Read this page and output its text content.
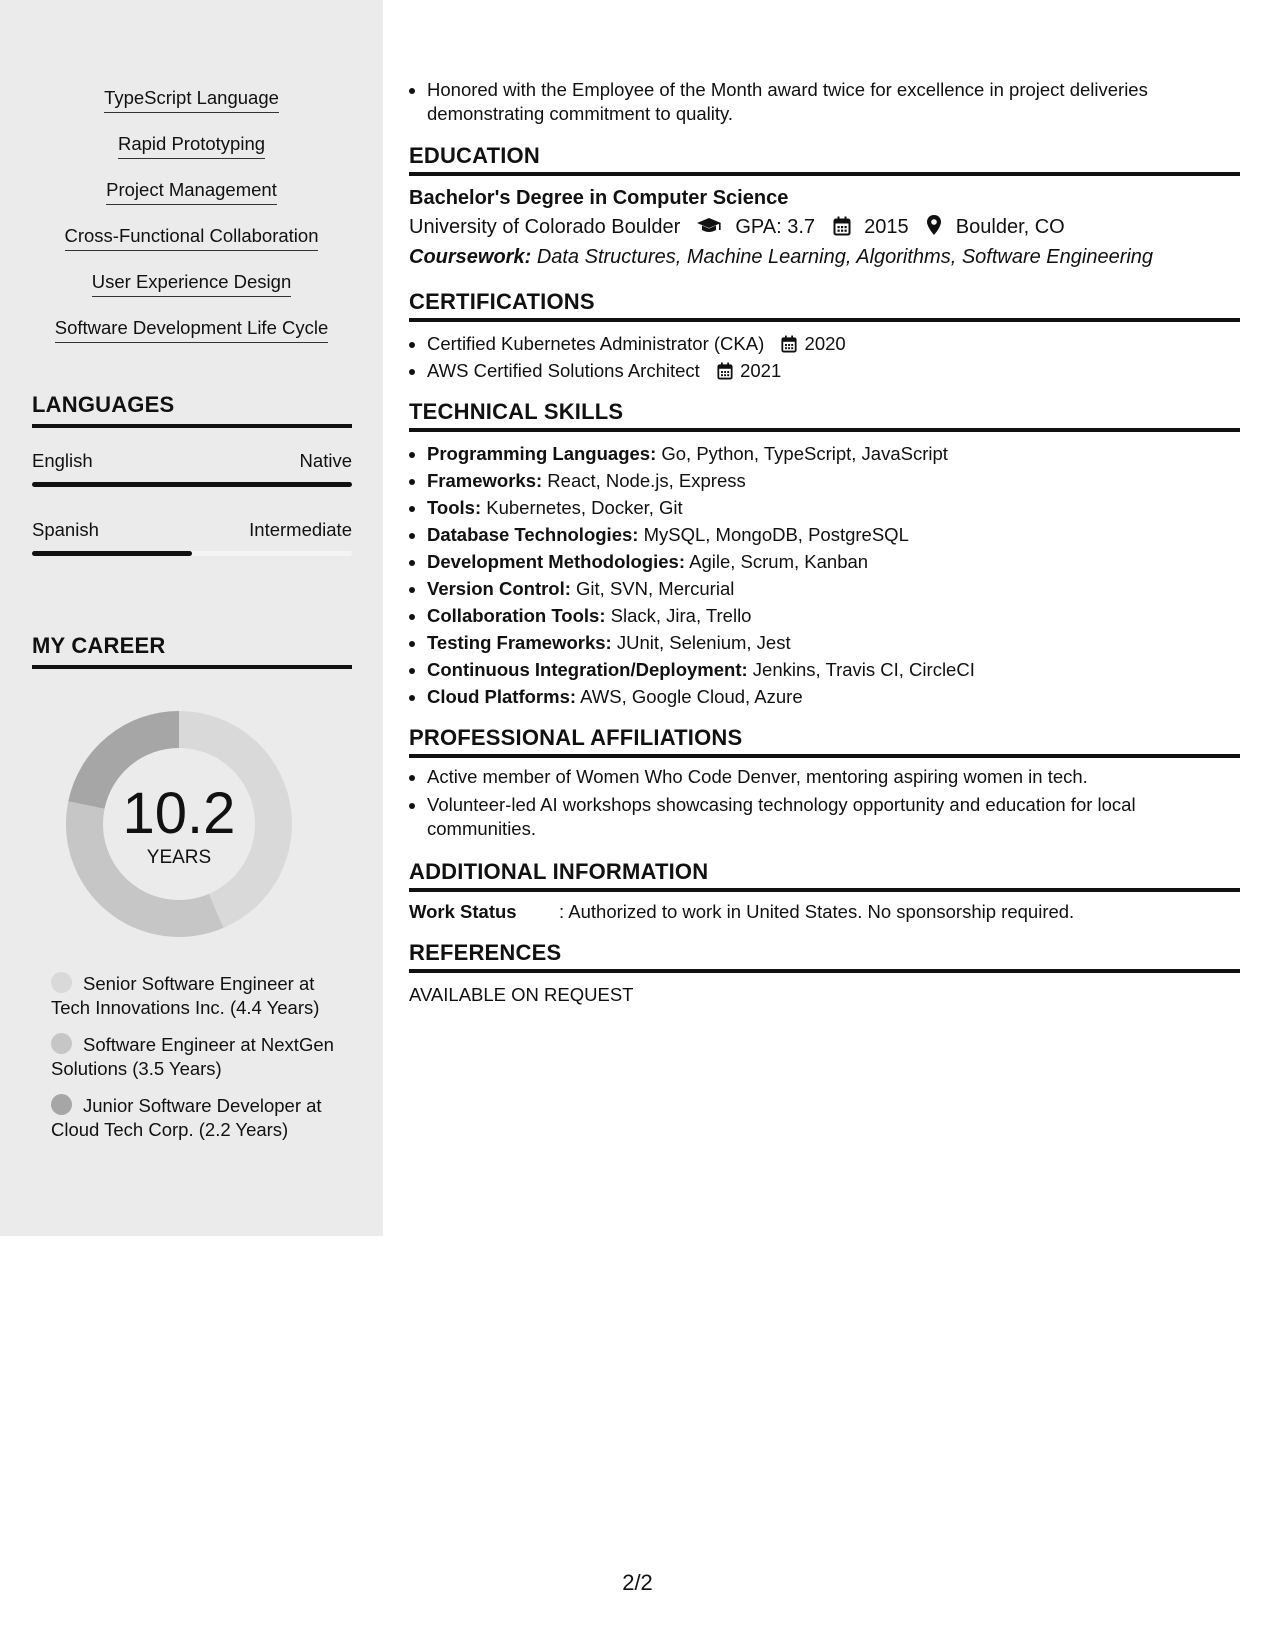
TypeScript Language
Rapid Prototyping
Project Management
Cross-Functional Collaboration
User Experience Design
Software Development Life Cycle
LANGUAGES
English	Native
Spanish	Intermediate
MY CAREER
10.2
YEARS
Senior Software Engineer at Tech Innovations Inc. (4.4 Years)
Software Engineer at NextGen Solutions (3.5 Years)
Junior Software Developer at Cloud Tech Corp. (2.2 Years)
• Honored with the Employee of the Month award twice for excellence in project deliveries demonstrating commitment to quality.
EDUCATION
Bachelor's Degree in Computer Science
University of Colorado Boulder	GPA: 3.7 2015 Boulder, CO
Coursework: Data Structures, Machine Learning, Algorithms, Software Engineering
CERTIFICATIONS
• Certified Kubernetes Administrator (CKA) 2020
• AWS Certified Solutions Architect 2021
TECHNICAL SKILLS
• Programming Languages: Go, Python, TypeScript, JavaScript
• Frameworks: React, Node.js, Express
• Tools: Kubernetes, Docker, Git
• Database Technologies: MySQL, MongoDB, PostgreSQL
• Development Methodologies: Agile, Scrum, Kanban
• Version Control: Git, SVN, Mercurial
• Collaboration Tools: Slack, Jira, Trello
• Testing Frameworks: JUnit, Selenium, Jest
• Continuous Integration/Deployment: Jenkins, Travis CI, CircleCI
• Cloud Platforms: AWS, Google Cloud, Azure
PROFESSIONAL AFFILIATIONS
• Active member of Women Who Code Denver, mentoring aspiring women in tech.
• Volunteer-led AI workshops showcasing technology opportunity and education for local communities.
ADDITIONAL INFORMATION
Work Status : Authorized to work in United States. No sponsorship required.
REFERENCES
AVAILABLE ON REQUEST
2/2
